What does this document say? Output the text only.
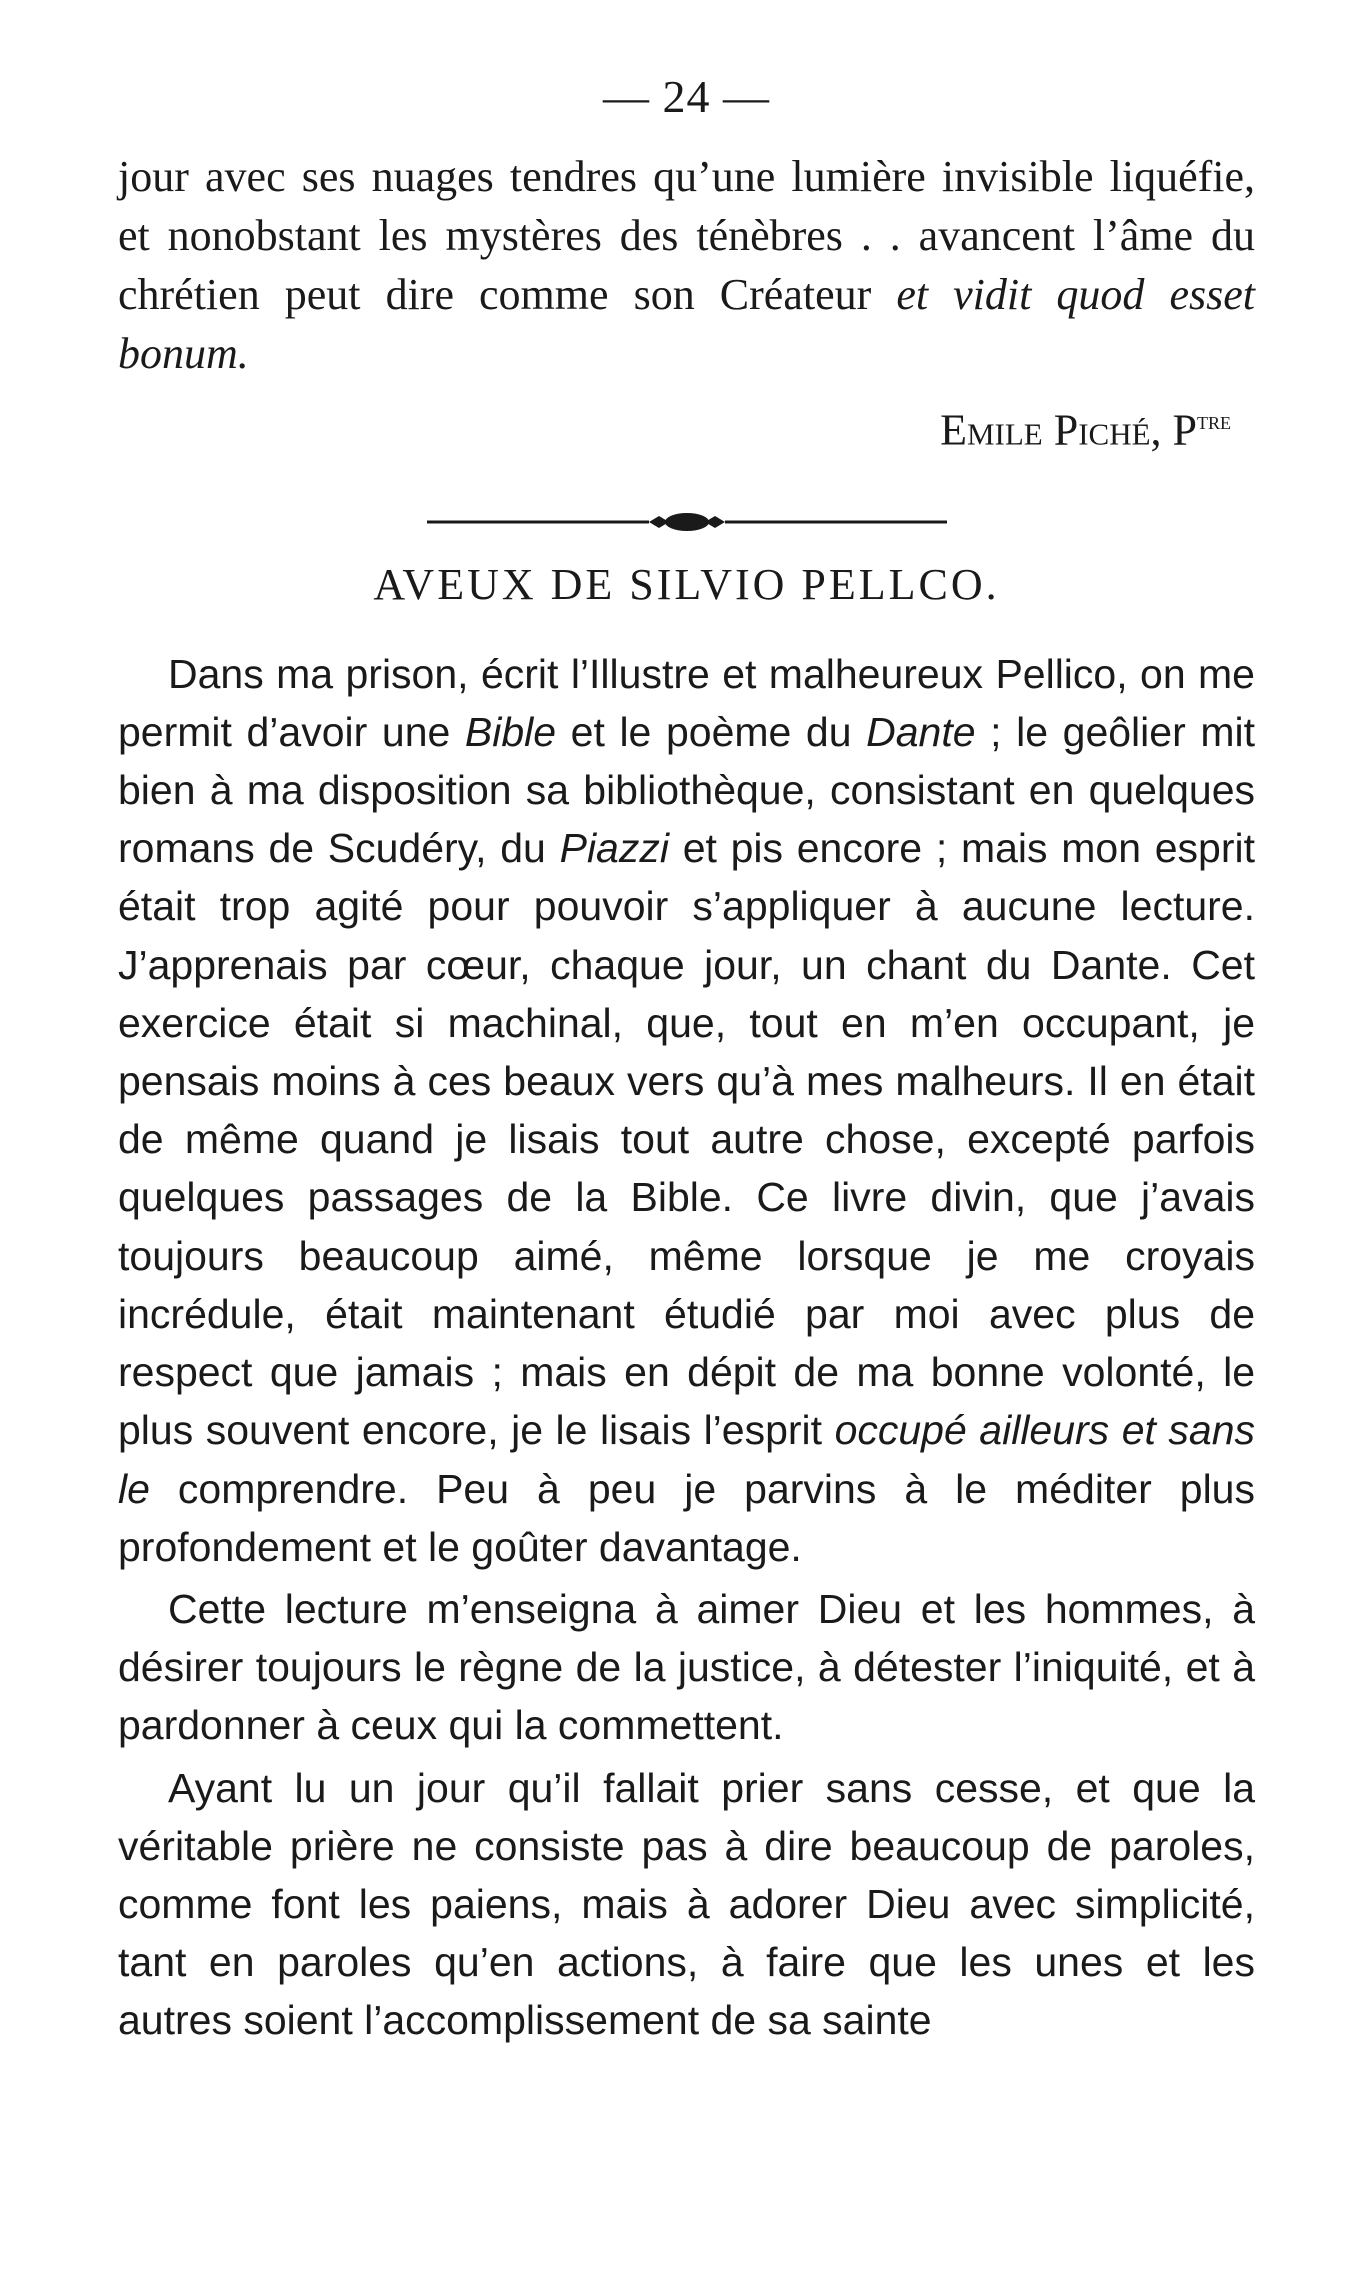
— 24 —

jour avec ses nuages tendres qu’une lumière invisible liquéfie, et nonobstant les mystères des ténèbres . . avancent l’âme du chrétien peut dire comme son Créateur et vidit quod esset bonum.

Emile Piché, $P^{tre}$
AVEUX DE SILVIO PELLCO.

Dans ma prison, écrit l’Illustre et malheureux Pellico, on me permit d’avoir une Bible et le poème du Dante ; le geôlier mit bien à ma disposition sa bibliothèque, consistant en quelques romans de Scudéry, du Piazzi et pis encore ; mais mon esprit était trop agité pour pouvoir s’appliquer à aucune lecture. J’apprenais par cœur, chaque jour, un chant du Dante. Cet exercice était si machinal, que, tout en m’en occupant, je pensais moins à ces beaux vers qu’à mes malheurs. Il en était de même quand je lisais tout autre chose, excepté parfois quelques passages de la Bible. Ce livre divin, que j’avais toujours beaucoup aimé, même lorsque je me croyais incrédule, était maintenant étudié par moi avec plus de respect que jamais ; mais en dépit de ma bonne volonté, le plus souvent encore, je le lisais l’esprit occupé ailleurs et sans le comprendre. Peu à peu je parvins à le méditer plus profondement et le goûter davantage.

Cette lecture m’enseigna à aimer Dieu et les hommes, à désirer toujours le règne de la justice, à détester l’iniquité, et à pardonner à ceux qui la commettent.

Ayant lu un jour qu’il fallait prier sans cesse, et que la véritable prière ne consiste pas à dire beaucoup de paroles, comme font les paiens, mais à adorer Dieu avec simplicité, tant en paroles qu’en actions, à faire que les unes et les autres soient l’accomplissement de sa sainte
